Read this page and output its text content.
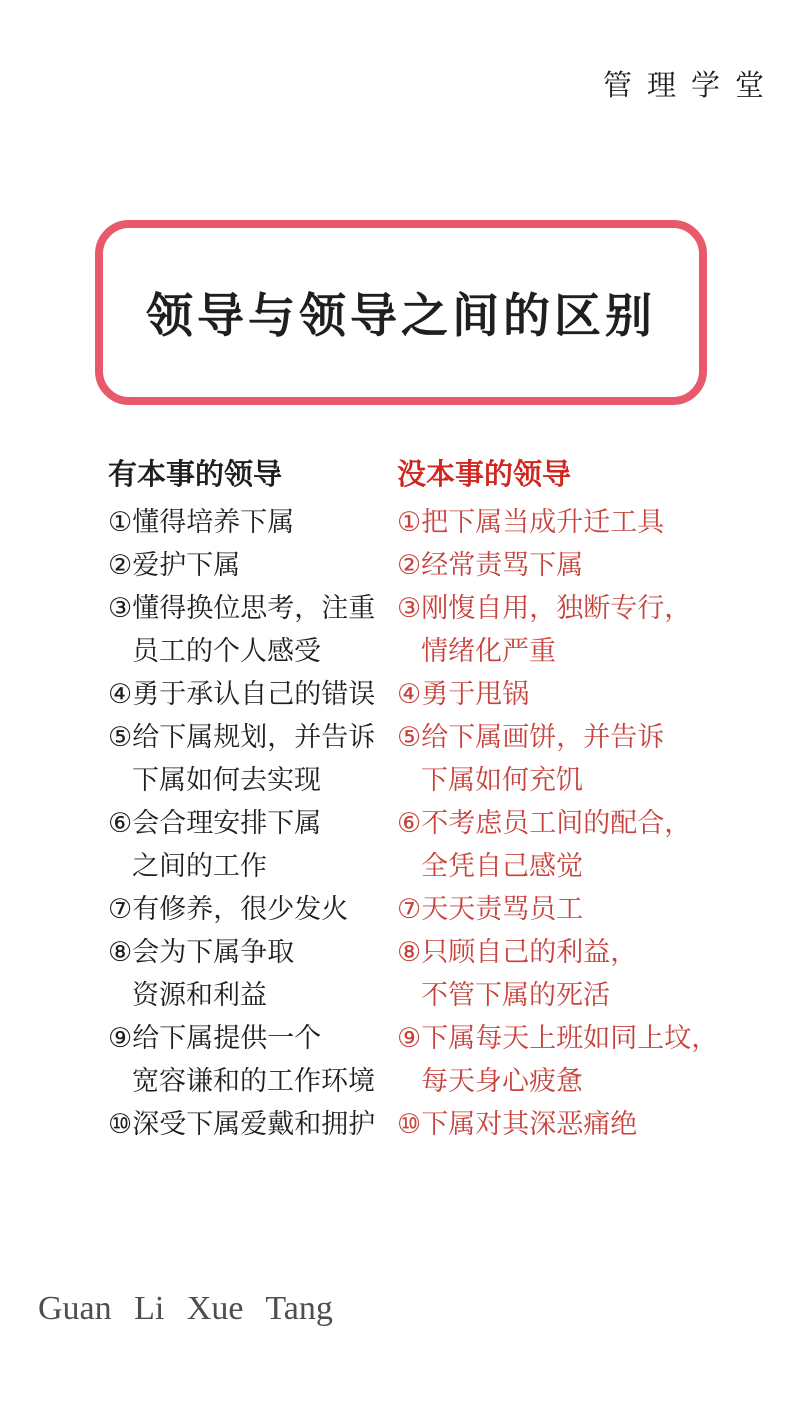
管理学堂
领导与领导之间的区别
有本事的领导
①懂得培养下属
②爱护下属
③懂得换位思考，注重
员工的个人感受
④勇于承认自己的错误
⑤给下属规划，并告诉
下属如何去实现
⑥会合理安排下属
之间的工作
⑦有修养，很少发火
⑧会为下属争取
资源和利益
⑨给下属提供一个
宽容谦和的工作环境
⑩深受下属爱戴和拥护
没本事的领导
①把下属当成升迁工具
②经常责骂下属
③刚愎自用，独断专行，
情绪化严重
④勇于甩锅
⑤给下属画饼，并告诉
下属如何充饥
⑥不考虑员工间的配合，
全凭自己感觉
⑦天天责骂员工
⑧只顾自己的利益，
不管下属的死活
⑨下属每天上班如同上坟，
每天身心疲惫
⑩下属对其深恶痛绝
Guan Li Xue Tang
